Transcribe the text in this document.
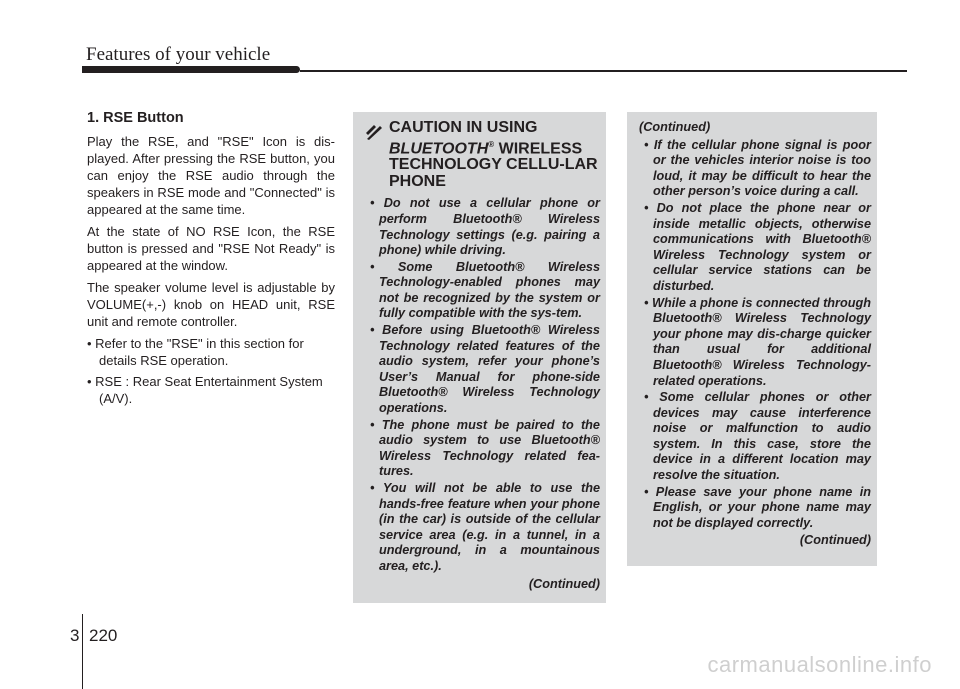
Features of your vehicle
1. RSE Button

Play the RSE, and "RSE" Icon is dis-played. After pressing the RSE button, you can enjoy the RSE audio through the speakers in RSE mode and "Connected" is appeared at the same time.

At the state of NO RSE Icon, the RSE button is pressed and "RSE Not Ready" is appeared at the window.

The speaker volume level is adjustable by VOLUME(+,-) knob on HEAD unit, RSE unit and remote controller.

• Refer to the "RSE" in this section for details RSE operation.
• RSE : Rear Seat Entertainment System (A/V).
CAUTION IN USING
BLUETOOTH® WIRELESS TECHNOLOGY CELLU-LAR PHONE
• Do not use a cellular phone or perform Bluetooth® Wireless Technology settings (e.g. pairing a phone) while driving.
• Some Bluetooth® Wireless Technology-enabled phones may not be recognized by the system or fully compatible with the sys-tem.
• Before using Bluetooth® Wireless Technology related features of the audio system, refer your phone’s User’s Manual for phone-side Bluetooth® Wireless Technology operations.
• The phone must be paired to the audio system to use Bluetooth® Wireless Technology related fea-tures.
• You will not be able to use the hands-free feature when your phone (in the car) is outside of the cellular service area (e.g. in a tunnel, in a underground, in a mountainous area, etc.).
(Continued)
(Continued)
• If the cellular phone signal is poor or the vehicles interior noise is too loud, it may be difficult to hear the other person’s voice during a call.
• Do not place the phone near or inside metallic objects, otherwise communications with Bluetooth® Wireless Technology system or cellular service stations can be disturbed.
• While a phone is connected through Bluetooth® Wireless Technology your phone may dis-charge quicker than usual for additional Bluetooth® Wireless Technology-related operations.
• Some cellular phones or other devices may cause interference noise or malfunction to audio system. In this case, store the device in a different location may resolve the situation.
• Please save your phone name in English, or your phone name may not be displayed correctly.
(Continued)
3 220
carmanualsonline.info
